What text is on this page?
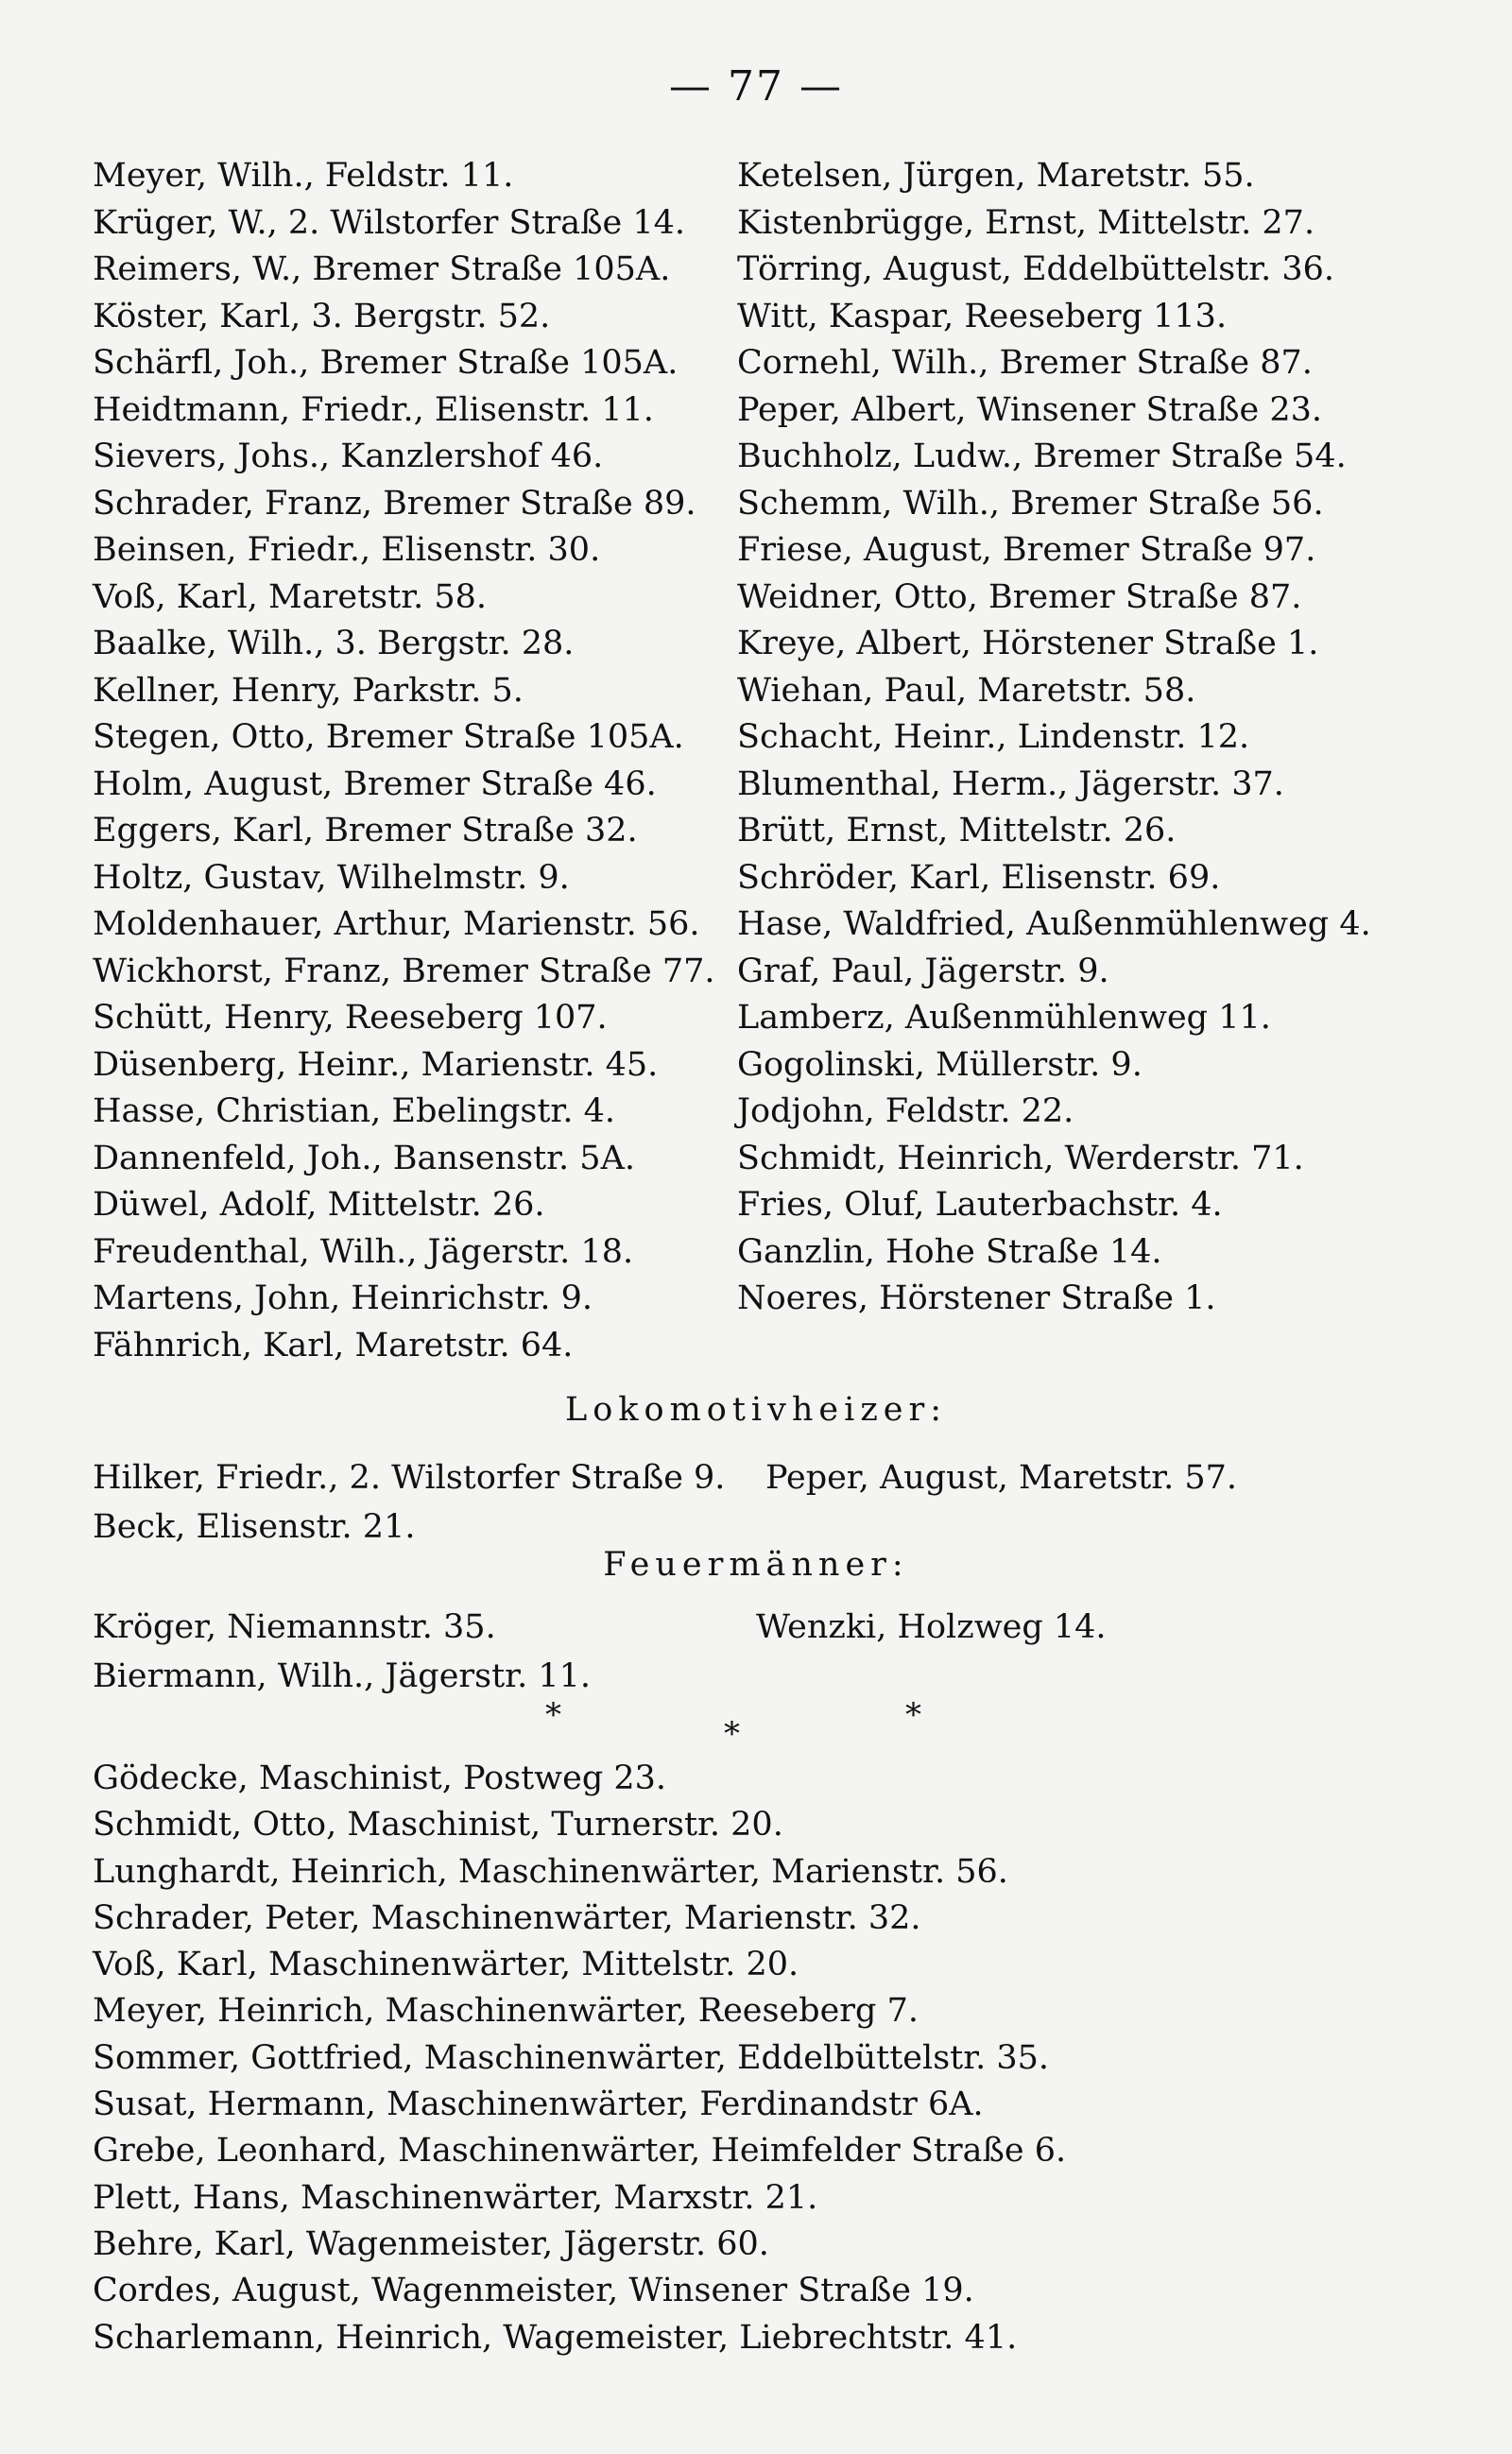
— 77 —
Meyer, Wilh., Feldstr. 11.
Krüger, W., 2. Wilstorfer Straße 14.
Reimers, W., Bremer Straße 105A.
Köster, Karl, 3. Bergstr. 52.
Schärfl, Joh., Bremer Straße 105A.
Heidtmann, Friedr., Elisenstr. 11.
Sievers, Johs., Kanzlershof 46.
Schrader, Franz, Bremer Straße 89.
Beinsen, Friedr., Elisenstr. 30.
Voß, Karl, Maretstr. 58.
Baalke, Wilh., 3. Bergstr. 28.
Kellner, Henry, Parkstr. 5.
Stegen, Otto, Bremer Straße 105A.
Holm, August, Bremer Straße 46.
Eggers, Karl, Bremer Straße 32.
Holtz, Gustav, Wilhelmstr. 9.
Moldenhauer, Arthur, Marienstr. 56.
Wickhorst, Franz, Bremer Straße 77.
Schütt, Henry, Reeseberg 107.
Düsenberg, Heinr., Marienstr. 45.
Hasse, Christian, Ebelingstr. 4.
Dannenfeld, Joh., Bansenstr. 5A.
Düwel, Adolf, Mittelstr. 26.
Freudenthal, Wilh., Jägerstr. 18.
Martens, John, Heinrichstr. 9.
Fähnrich, Karl, Maretstr. 64.
Ketelsen, Jürgen, Maretstr. 55.
Kistenbrügge, Ernst, Mittelstr. 27.
Törring, August, Eddelbüttelstr. 36.
Witt, Kaspar, Reeseberg 113.
Cornehl, Wilh., Bremer Straße 87.
Peper, Albert, Winsener Straße 23.
Buchholz, Ludw., Bremer Straße 54.
Schemm, Wilh., Bremer Straße 56.
Friese, August, Bremer Straße 97.
Weidner, Otto, Bremer Straße 87.
Kreye, Albert, Hörstener Straße 1.
Wiehan, Paul, Maretstr. 58.
Schacht, Heinr., Lindenstr. 12.
Blumenthal, Herm., Jägerstr. 37.
Brütt, Ernst, Mittelstr. 26.
Schröder, Karl, Elisenstr. 69.
Hase, Waldfried, Außenmühlenweg 4.
Graf, Paul, Jägerstr. 9.
Lamberz, Außenmühlenweg 11.
Gogolinski, Müllerstr. 9.
Jodjohn, Feldstr. 22.
Schmidt, Heinrich, Werderstr. 71.
Fries, Oluf, Lauterbachstr. 4.
Ganzlin, Hohe Straße 14.
Noeres, Hörstener Straße 1.
Lokomotivheizer:
Hilker, Friedr., 2. Wilstorfer Straße 9.
Beck, Elisenstr. 21.
Peper, August, Maretstr. 57.
Feuermänner:
Kröger, Niemannstr. 35.
Biermann, Wilh., Jägerstr. 11.
Wenzki, Holzweg 14.
*	*	*
Gödecke, Maschinist, Postweg 23.
Schmidt, Otto, Maschinist, Turnerstr. 20.
Lunghardt, Heinrich, Maschinenwärter, Marienstr. 56.
Schrader, Peter, Maschinenwärter, Marienstr. 32.
Voß, Karl, Maschinenwärter, Mittelstr. 20.
Meyer, Heinrich, Maschinenwärter, Reeseberg 7.
Sommer, Gottfried, Maschinenwärter, Eddelbüttelstr. 35.
Susat, Hermann, Maschinenwärter, Ferdinandstr 6A.
Grebe, Leonhard, Maschinenwärter, Heimfelder Straße 6.
Plett, Hans, Maschinenwärter, Marxstr. 21.
Behre, Karl, Wagenmeister, Jägerstr. 60.
Cordes, August, Wagenmeister, Winsener Straße 19.
Scharlemann, Heinrich, Wagemeister, Liebrechtstr. 41.
